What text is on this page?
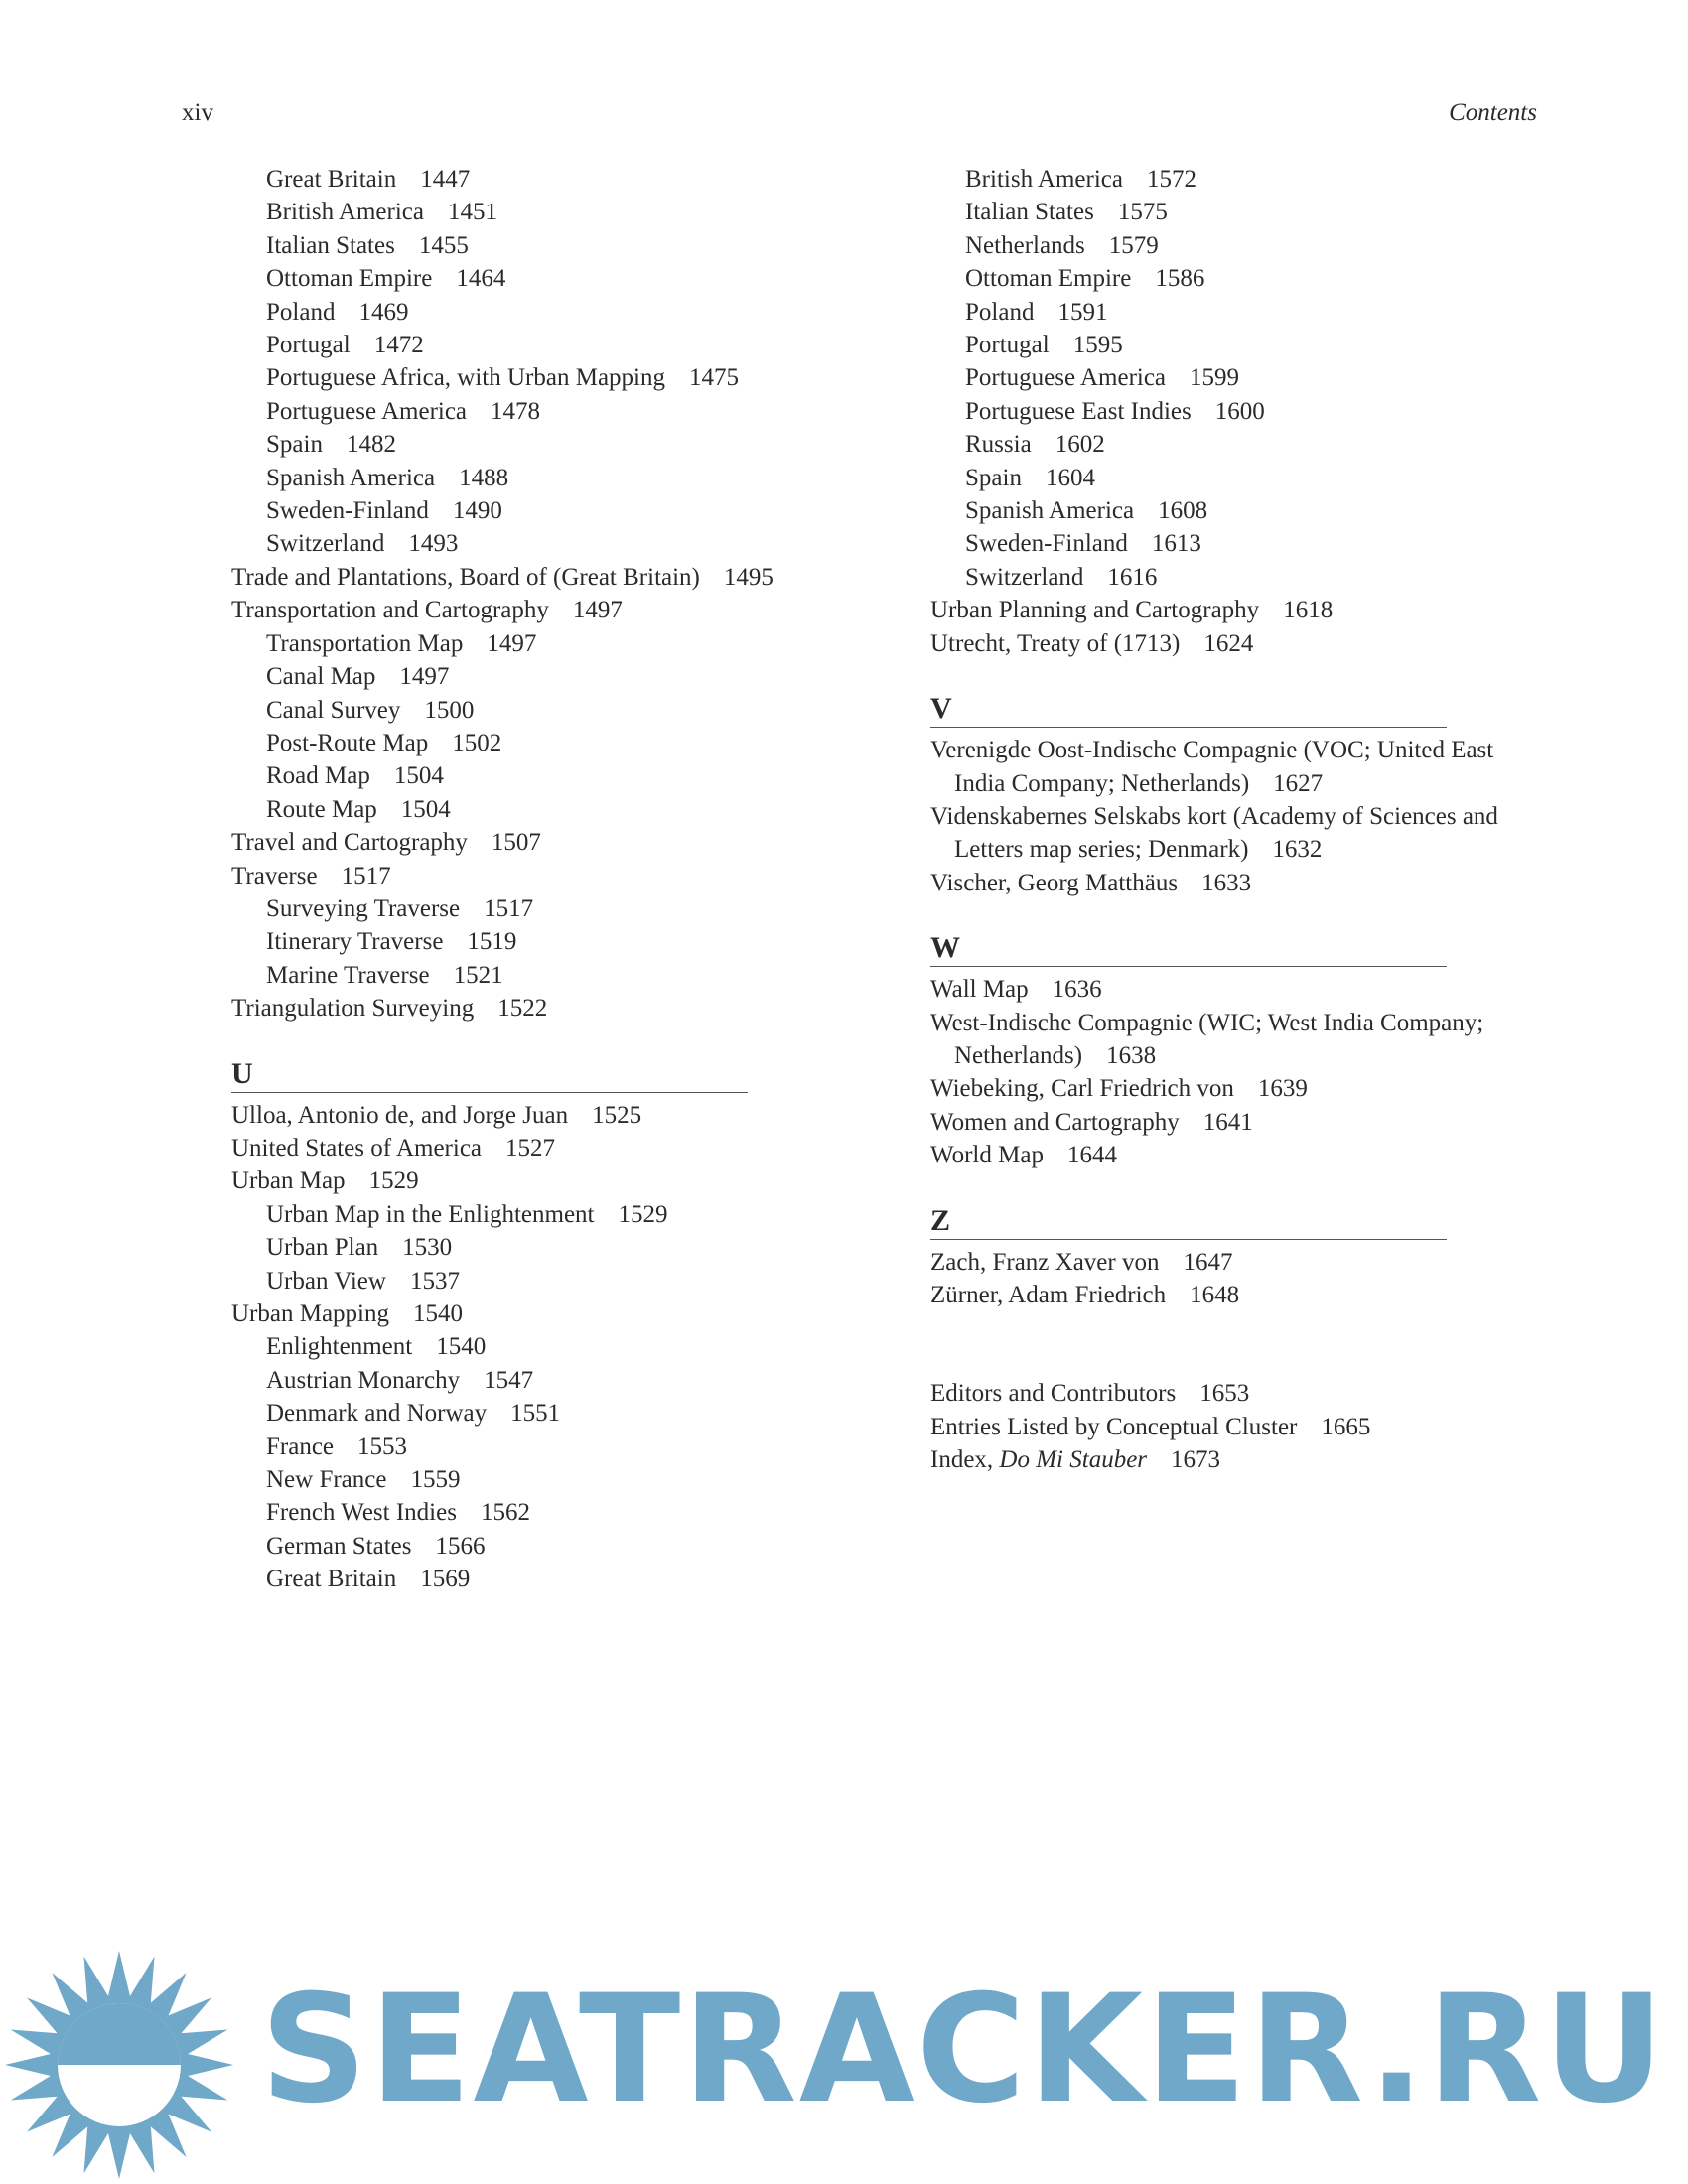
xiv	Contents
Great Britain 1447
British America 1451
Italian States 1455
Ottoman Empire 1464
Poland 1469
Portugal 1472
Portuguese Africa, with Urban Mapping 1475
Portuguese America 1478
Spain 1482
Spanish America 1488
Sweden-Finland 1490
Switzerland 1493
Trade and Plantations, Board of (Great Britain) 1495
Transportation and Cartography 1497
Transportation Map 1497
Canal Map 1497
Canal Survey 1500
Post-Route Map 1502
Road Map 1504
Route Map 1504
Travel and Cartography 1507
Traverse 1517
Surveying Traverse 1517
Itinerary Traverse 1519
Marine Traverse 1521
Triangulation Surveying 1522
U
Ulloa, Antonio de, and Jorge Juan 1525
United States of America 1527
Urban Map 1529
Urban Map in the Enlightenment 1529
Urban Plan 1530
Urban View 1537
Urban Mapping 1540
Enlightenment 1540
Austrian Monarchy 1547
Denmark and Norway 1551
France 1553
New France 1559
French West Indies 1562
German States 1566
Great Britain 1569
British America 1572
Italian States 1575
Netherlands 1579
Ottoman Empire 1586
Poland 1591
Portugal 1595
Portuguese America 1599
Portuguese East Indies 1600
Russia 1602
Spain 1604
Spanish America 1608
Sweden-Finland 1613
Switzerland 1616
Urban Planning and Cartography 1618
Utrecht, Treaty of (1713) 1624
V
Verenigde Oost-Indische Compagnie (VOC; United East India Company; Netherlands) 1627
Videnskabernes Selskabs kort (Academy of Sciences and Letters map series; Denmark) 1632
Vischer, Georg Matthäus 1633
W
Wall Map 1636
West-Indische Compagnie (WIC; West India Company; Netherlands) 1638
Wiebeking, Carl Friedrich von 1639
Women and Cartography 1641
World Map 1644
Z
Zach, Franz Xaver von 1647
Zürner, Adam Friedrich 1648
Editors and Contributors 1653
Entries Listed by Conceptual Cluster 1665
Index, Do Mi Stauber 1673
SEATRACKER.RU
